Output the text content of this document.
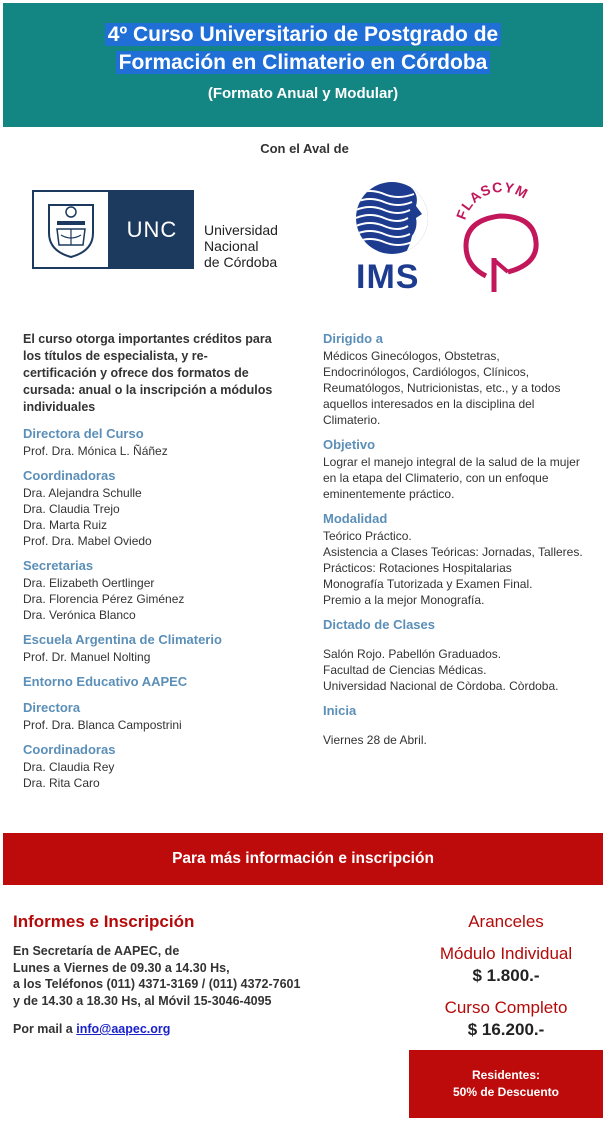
4º Curso Universitario de Postgrado de
Formación en Climaterio en Córdoba
(Formato Anual y Modular)
Con el Aval de
UNC	Universidad
Nacional
de Córdoba IMS
FLASCYM
El curso otorga importantes créditos para los títulos de especialista, y re-certificación y ofrece dos formatos de cursada: anual o la inscripción a módulos individuales
Directora del Curso
Prof. Dra. Mónica L. Ñáñez
Coordinadoras
Dra. Alejandra Schulle
Dra. Claudia Trejo
Dra. Marta Ruiz
Prof. Dra. Mabel Oviedo
Secretarias
Dra. Elizabeth Oertlinger
Dra. Florencia Pérez Giménez
Dra. Verónica Blanco
Escuela Argentina de Climaterio
Prof. Dr. Manuel Nolting
Entorno Educativo AAPEC
Directora
Prof. Dra. Blanca Campostrini
Coordinadoras
Dra. Claudia Rey
Dra. Rita Caro
Dirigido a
Médicos Ginecólogos, Obstetras, Endocrinólogos, Cardiólogos, Clínicos, Reumatólogos, Nutricionistas, etc., y a todos aquellos interesados en la disciplina del Climaterio.
Objetivo
Lograr el manejo integral de la salud de la mujer en la etapa del Climaterio, con un enfoque eminentemente práctico.
Modalidad
Teórico Práctico.
Asistencia a Clases Teóricas: Jornadas, Talleres.
Prácticos: Rotaciones Hospitalarias
Monografía Tutorizada y Examen Final.
Premio a la mejor Monografía.
Dictado de Clases
Salón Rojo. Pabellón Graduados.
Facultad de Ciencias Médicas.
Universidad Nacional de Còrdoba. Còrdoba.
Inicia
Viernes 28 de Abril.
Para más información e inscripción
Informes e Inscripción
En Secretaría de AAPEC, de
Lunes a Viernes de 09.30 a 14.30 Hs,
a los Teléfonos (011) 4371-3169 / (011) 4372-7601
y de 14.30 a 18.30 Hs, al Móvil 15-3046-4095
Por mail a info@aapec.org
Aranceles
Módulo Individual
$ 1.800.-
Curso Completo
$ 16.200.-
Residentes:
50% de Descuento
